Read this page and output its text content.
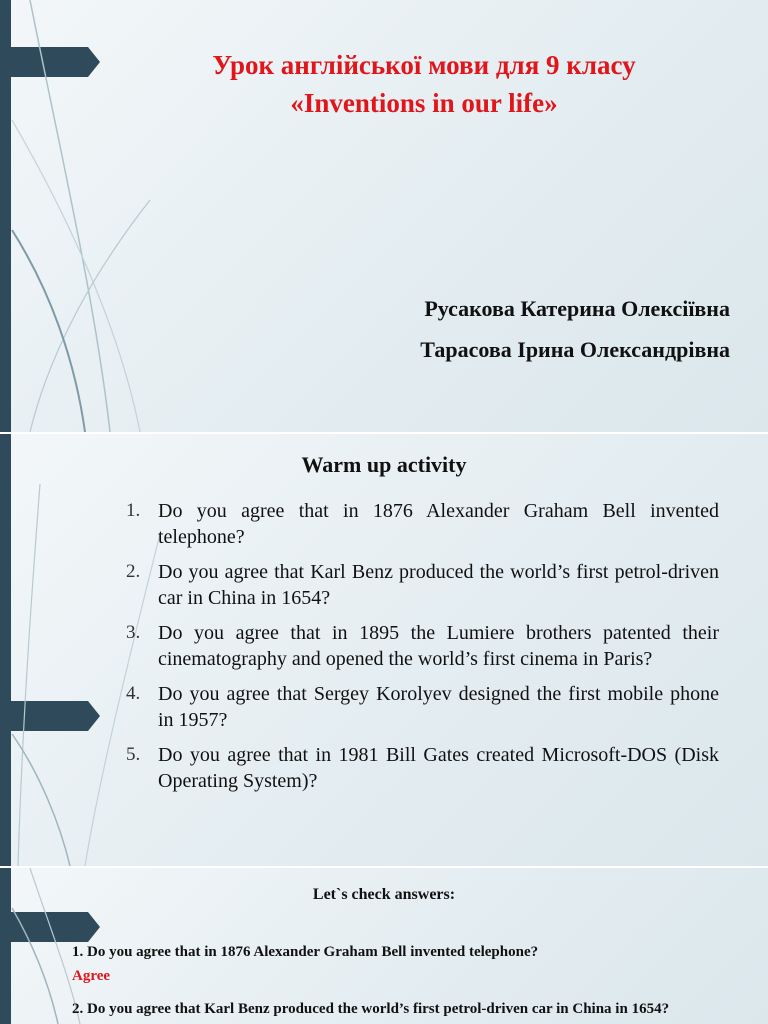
Урок англійської мови для 9 класу
«Inventions in our life»
Русакова Катерина Олексіївна
Тарасова Ірина Олександрівна
Warm up activity
1. Do you agree that in 1876 Alexander Graham Bell invented telephone?
2. Do you agree that Karl Benz produced the world’s first petrol-driven car in China in 1654?
3. Do you agree that in 1895 the Lumiere brothers patented their cinematography and opened the world’s first cinema in Paris?
4. Do you agree that Sergey Korolyev designed the first mobile phone in 1957?
5. Do you agree that in 1981 Bill Gates created Microsoft-DOS (Disk Operating System)?
Let`s check answers:
1. Do you agree that in 1876 Alexander Graham Bell invented telephone?
Agree
2. Do you agree that Karl Benz produced the world’s first petrol-driven car in China in 1654?
